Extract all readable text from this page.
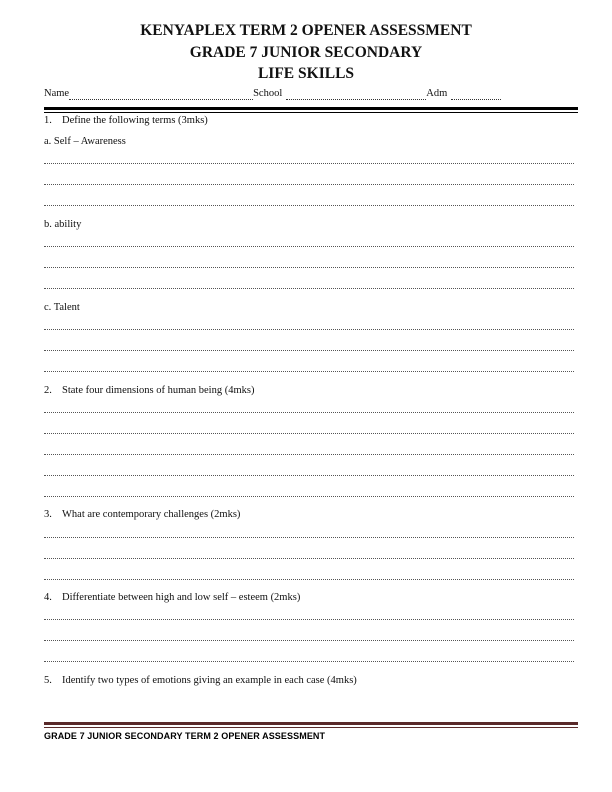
KENYAPLEX TERM 2 OPENER ASSESSMENT
GRADE 7 JUNIOR SECONDARY
LIFE SKILLS
Name	School	Adm
1. Define the following terms (3mks)
a. Self – Awareness
b. ability
c. Talent
2. State four dimensions of human being (4mks)
3. What are contemporary challenges (2mks)
4. Differentiate between high and low self – esteem (2mks)
5. Identify two types of emotions giving an example in each case (4mks)
GRADE 7 JUNIOR SECONDARY TERM 2 OPENER ASSESSMENT
